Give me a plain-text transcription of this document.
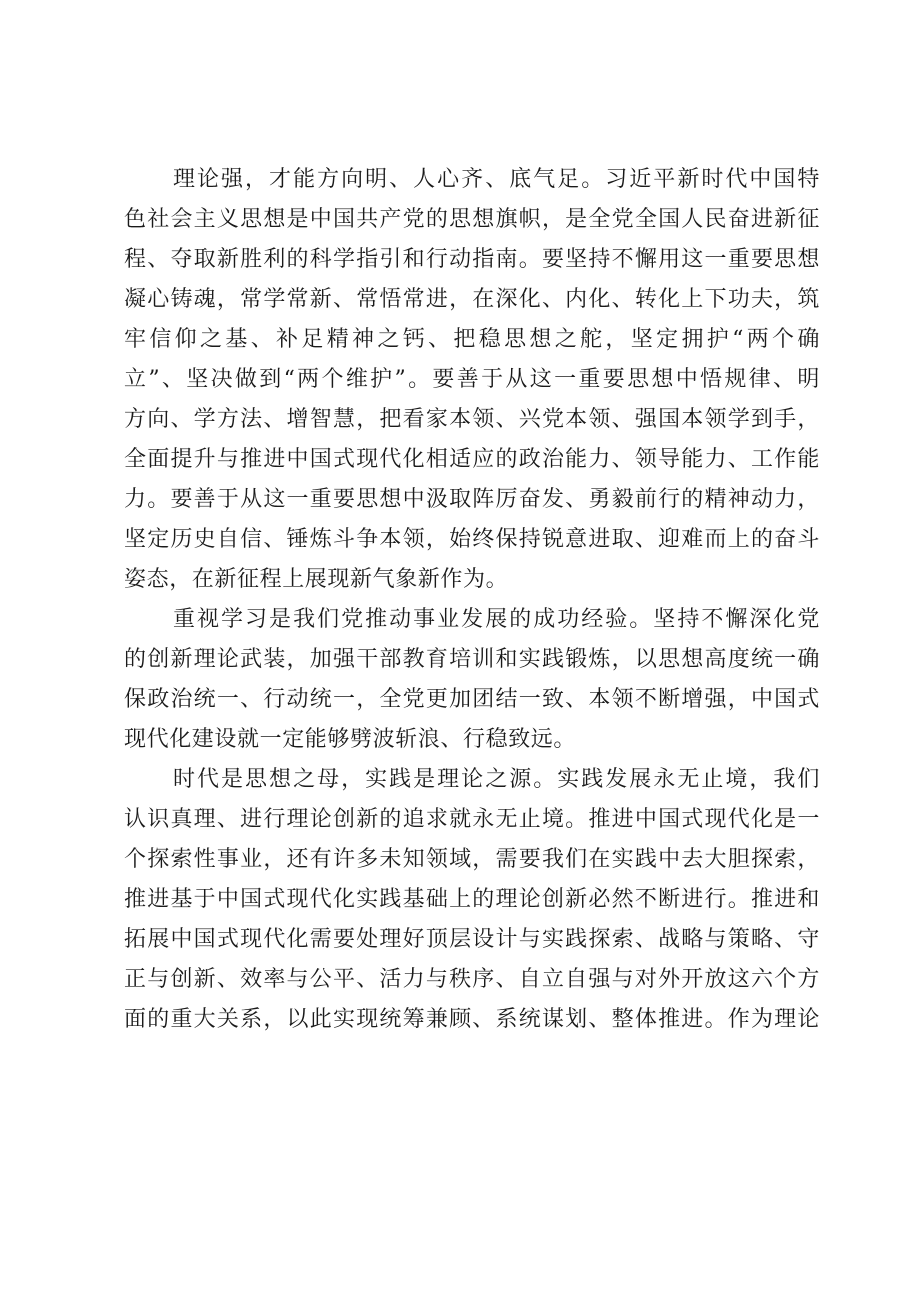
理论强，才能方向明、人心齐、底气足。习近平新时代中国特
色社会主义思想是中国共产党的思想旗帜，是全党全国人民奋进新征
程、夺取新胜利的科学指引和行动指南。要坚持不懈用这一重要思想
凝心铸魂，常学常新、常悟常进，在深化、内化、转化上下功夫，筑
牢信仰之基、补足精神之钙、把稳思想之舵，坚定拥护“两个确
立”、坚决做到“两个维护”。要善于从这一重要思想中悟规律、明
方向、学方法、增智慧，把看家本领、兴党本领、强国本领学到手，
全面提升与推进中国式现代化相适应的政治能力、领导能力、工作能
力。要善于从这一重要思想中汲取阵厉奋发、勇毅前行的精神动力，
坚定历史自信、锤炼斗争本领，始终保持锐意进取、迎难而上的奋斗
姿态，在新征程上展现新气象新作为。
重视学习是我们党推动事业发展的成功经验。坚持不懈深化党
的创新理论武装，加强干部教育培训和实践锻炼，以思想高度统一确
保政治统一、行动统一，全党更加团结一致、本领不断增强，中国式
现代化建设就一定能够劈波斩浪、行稳致远。
时代是思想之母，实践是理论之源。实践发展永无止境，我们
认识真理、进行理论创新的追求就永无止境。推进中国式现代化是一
个探索性事业，还有许多未知领域，需要我们在实践中去大胆探索，
推进基于中国式现代化实践基础上的理论创新必然不断进行。推进和
拓展中国式现代化需要处理好顶层设计与实践探索、战略与策略、守
正与创新、效率与公平、活力与秩序、自立自强与对外开放这六个方
面的重大关系，以此实现统筹兼顾、系统谋划、整体推进。作为理论
